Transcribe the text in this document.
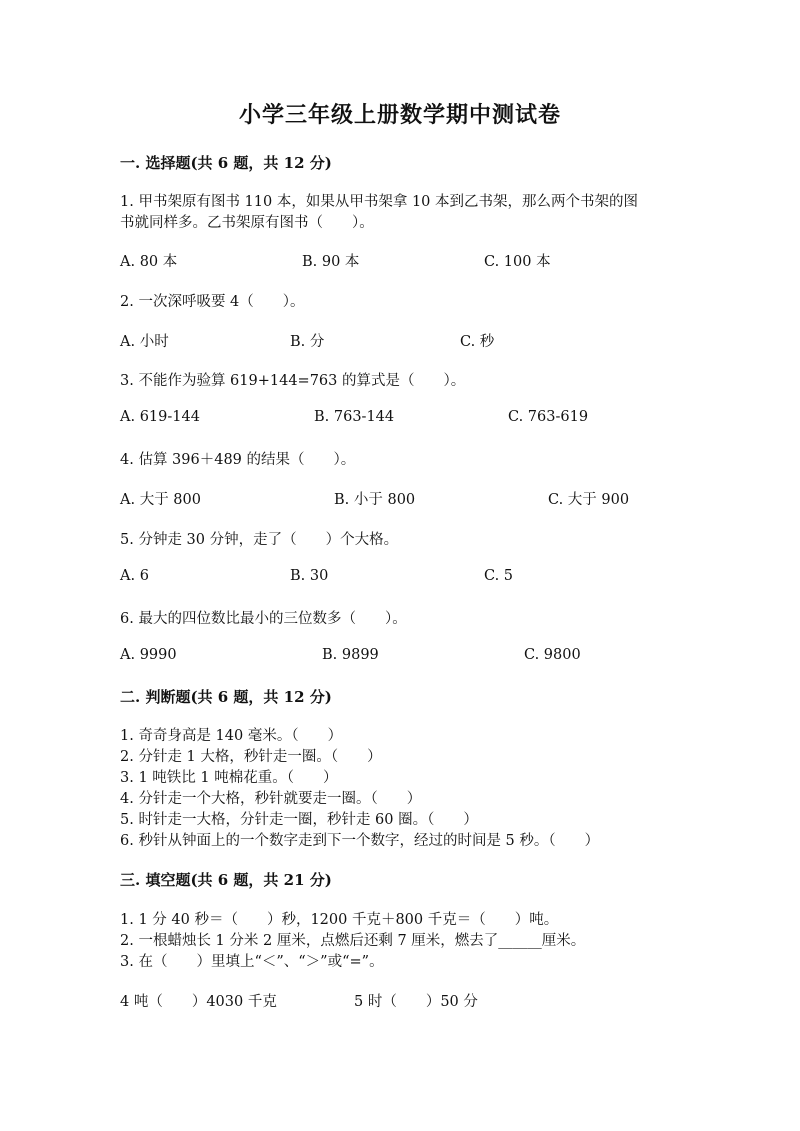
小学三年级上册数学期中测试卷
一. 选择题(共 6 题，共 12 分)
1. 甲书架原有图书 110 本，如果从甲书架拿 10 本到乙书架，那么两个书架的图
书就同样多。乙书架原有图书（　　）。
A. 80 本	B. 90 本	C. 100 本
2. 一次深呼吸要 4（　　）。
A. 小时	B. 分	C. 秒
3. 不能作为验算 619+144=763 的算式是（　　）。
A. 619-144	B. 763-144	C. 763-619
4. 估算 396＋489 的结果（　　）。
A. 大于 800	B. 小于 800	C. 大于 900
5. 分钟走 30 分钟，走了（　　）个大格。
A. 6	B. 30	C. 5
6. 最大的四位数比最小的三位数多（　　）。
A. 9990	B. 9899	C. 9800
二. 判断题(共 6 题，共 12 分)
1. 奇奇身高是 140 毫米。（　　）
2. 分针走 1 大格，秒针走一圈。（　　）
3. 1 吨铁比 1 吨棉花重。（　　）
4. 分针走一个大格，秒针就要走一圈。（　　）
5. 时针走一大格，分针走一圈，秒针走 60 圈。（　　）
6. 秒针从钟面上的一个数字走到下一个数字，经过的时间是 5 秒。（　　）
三. 填空题(共 6 题，共 21 分)
1. 1 分 40 秒＝（　　）秒，1200 千克＋800 千克＝（　　）吨。
2. 一根蜡烛长 1 分米 2 厘米，点燃后还剩 7 厘米，燃去了______厘米。
3. 在（　　）里填上“＜”、“＞”或“=”。
4 吨（　　）4030 千克	5 时（　　）50 分
